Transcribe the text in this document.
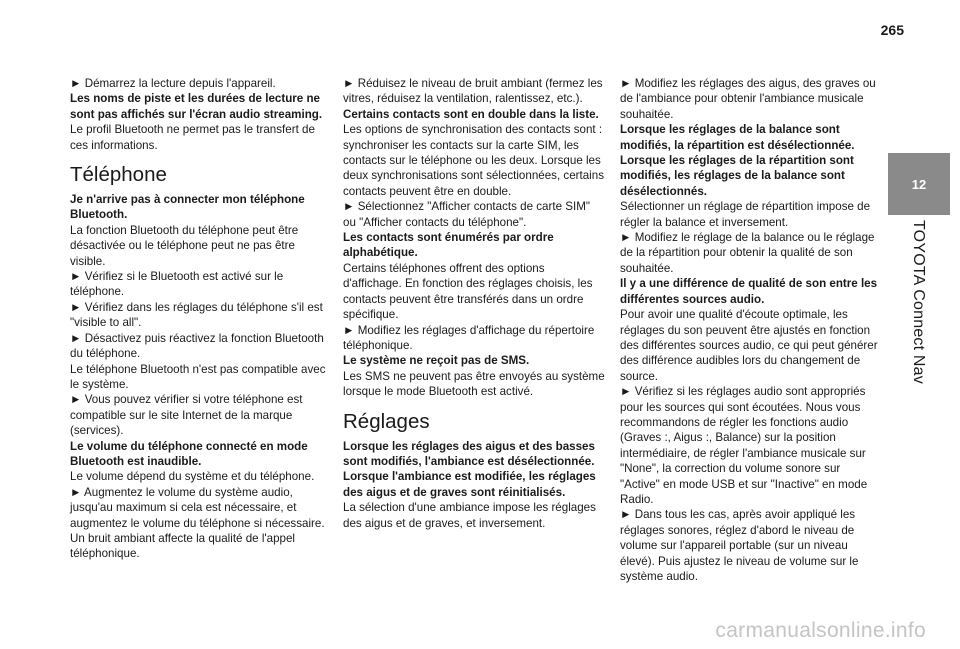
265
12
TOYOTA Connect Nav

► Démarrez la lecture depuis l'appareil.

Les noms de piste et les durées de lecture ne sont pas affichés sur l'écran audio streaming.

Le profil Bluetooth ne permet pas le transfert de ces informations.

Téléphone

Je n'arrive pas à connecter mon téléphone Bluetooth.

La fonction Bluetooth du téléphone peut être désactivée ou le téléphone peut ne pas être visible.

► Vérifiez si le Bluetooth est activé sur le téléphone.

► Vérifiez dans les réglages du téléphone s'il est "visible to all".

► Désactivez puis réactivez la fonction Bluetooth du téléphone.

Le téléphone Bluetooth n'est pas compatible avec le système.

► Vous pouvez vérifier si votre téléphone est compatible sur le site Internet de la marque (services).

Le volume du téléphone connecté en mode Bluetooth est inaudible.

Le volume dépend du système et du téléphone.

► Augmentez le volume du système audio, jusqu'au maximum si cela est nécessaire, et augmentez le volume du téléphone si nécessaire.

Un bruit ambiant affecte la qualité de l'appel téléphonique.

► Réduisez le niveau de bruit ambiant (fermez les vitres, réduisez la ventilation, ralentissez, etc.).

Certains contacts sont en double dans la liste.

Les options de synchronisation des contacts sont : synchroniser les contacts sur la carte SIM, les contacts sur le téléphone ou les deux. Lorsque les deux synchronisations sont sélectionnées, certains contacts peuvent être en double.

► Sélectionnez "Afficher contacts de carte SIM" ou "Afficher contacts du téléphone".

Les contacts sont énumérés par ordre alphabétique.

Certains téléphones offrent des options d'affichage. En fonction des réglages choisis, les contacts peuvent être transférés dans un ordre spécifique.

► Modifiez les réglages d'affichage du répertoire téléphonique.

Le système ne reçoit pas de SMS.

Les SMS ne peuvent pas être envoyés au système lorsque le mode Bluetooth est activé.

Réglages

Lorsque les réglages des aigus et des basses sont modifiés, l'ambiance est désélectionnée.

Lorsque l'ambiance est modifiée, les réglages des aigus et de graves sont réinitialisés.

La sélection d'une ambiance impose les réglages des aigus et de graves, et inversement.

► Modifiez les réglages des aigus, des graves ou de l'ambiance pour obtenir l'ambiance musicale souhaitée.

Lorsque les réglages de la balance sont modifiés, la répartition est désélectionnée.

Lorsque les réglages de la répartition sont modifiés, les réglages de la balance sont désélectionnés.

Sélectionner un réglage de répartition impose de régler la balance et inversement.

► Modifiez le réglage de la balance ou le réglage de la répartition pour obtenir la qualité de son souhaitée.

Il y a une différence de qualité de son entre les différentes sources audio.

Pour avoir une qualité d'écoute optimale, les réglages du son peuvent être ajustés en fonction des différentes sources audio, ce qui peut générer des différence audibles lors du changement de source.

► Vérifiez si les réglages audio sont appropriés pour les sources qui sont écoutées. Nous vous recommandons de régler les fonctions audio (Graves :, Aigus :, Balance) sur la position intermédiaire, de régler l'ambiance musicale sur "None", la correction du volume sonore sur "Active" en mode USB et sur "Inactive" en mode Radio.

► Dans tous les cas, après avoir appliqué les réglages sonores, réglez d'abord le niveau de volume sur l'appareil portable (sur un niveau élevé). Puis ajustez le niveau de volume sur le système audio.

carmanualsonline.info
